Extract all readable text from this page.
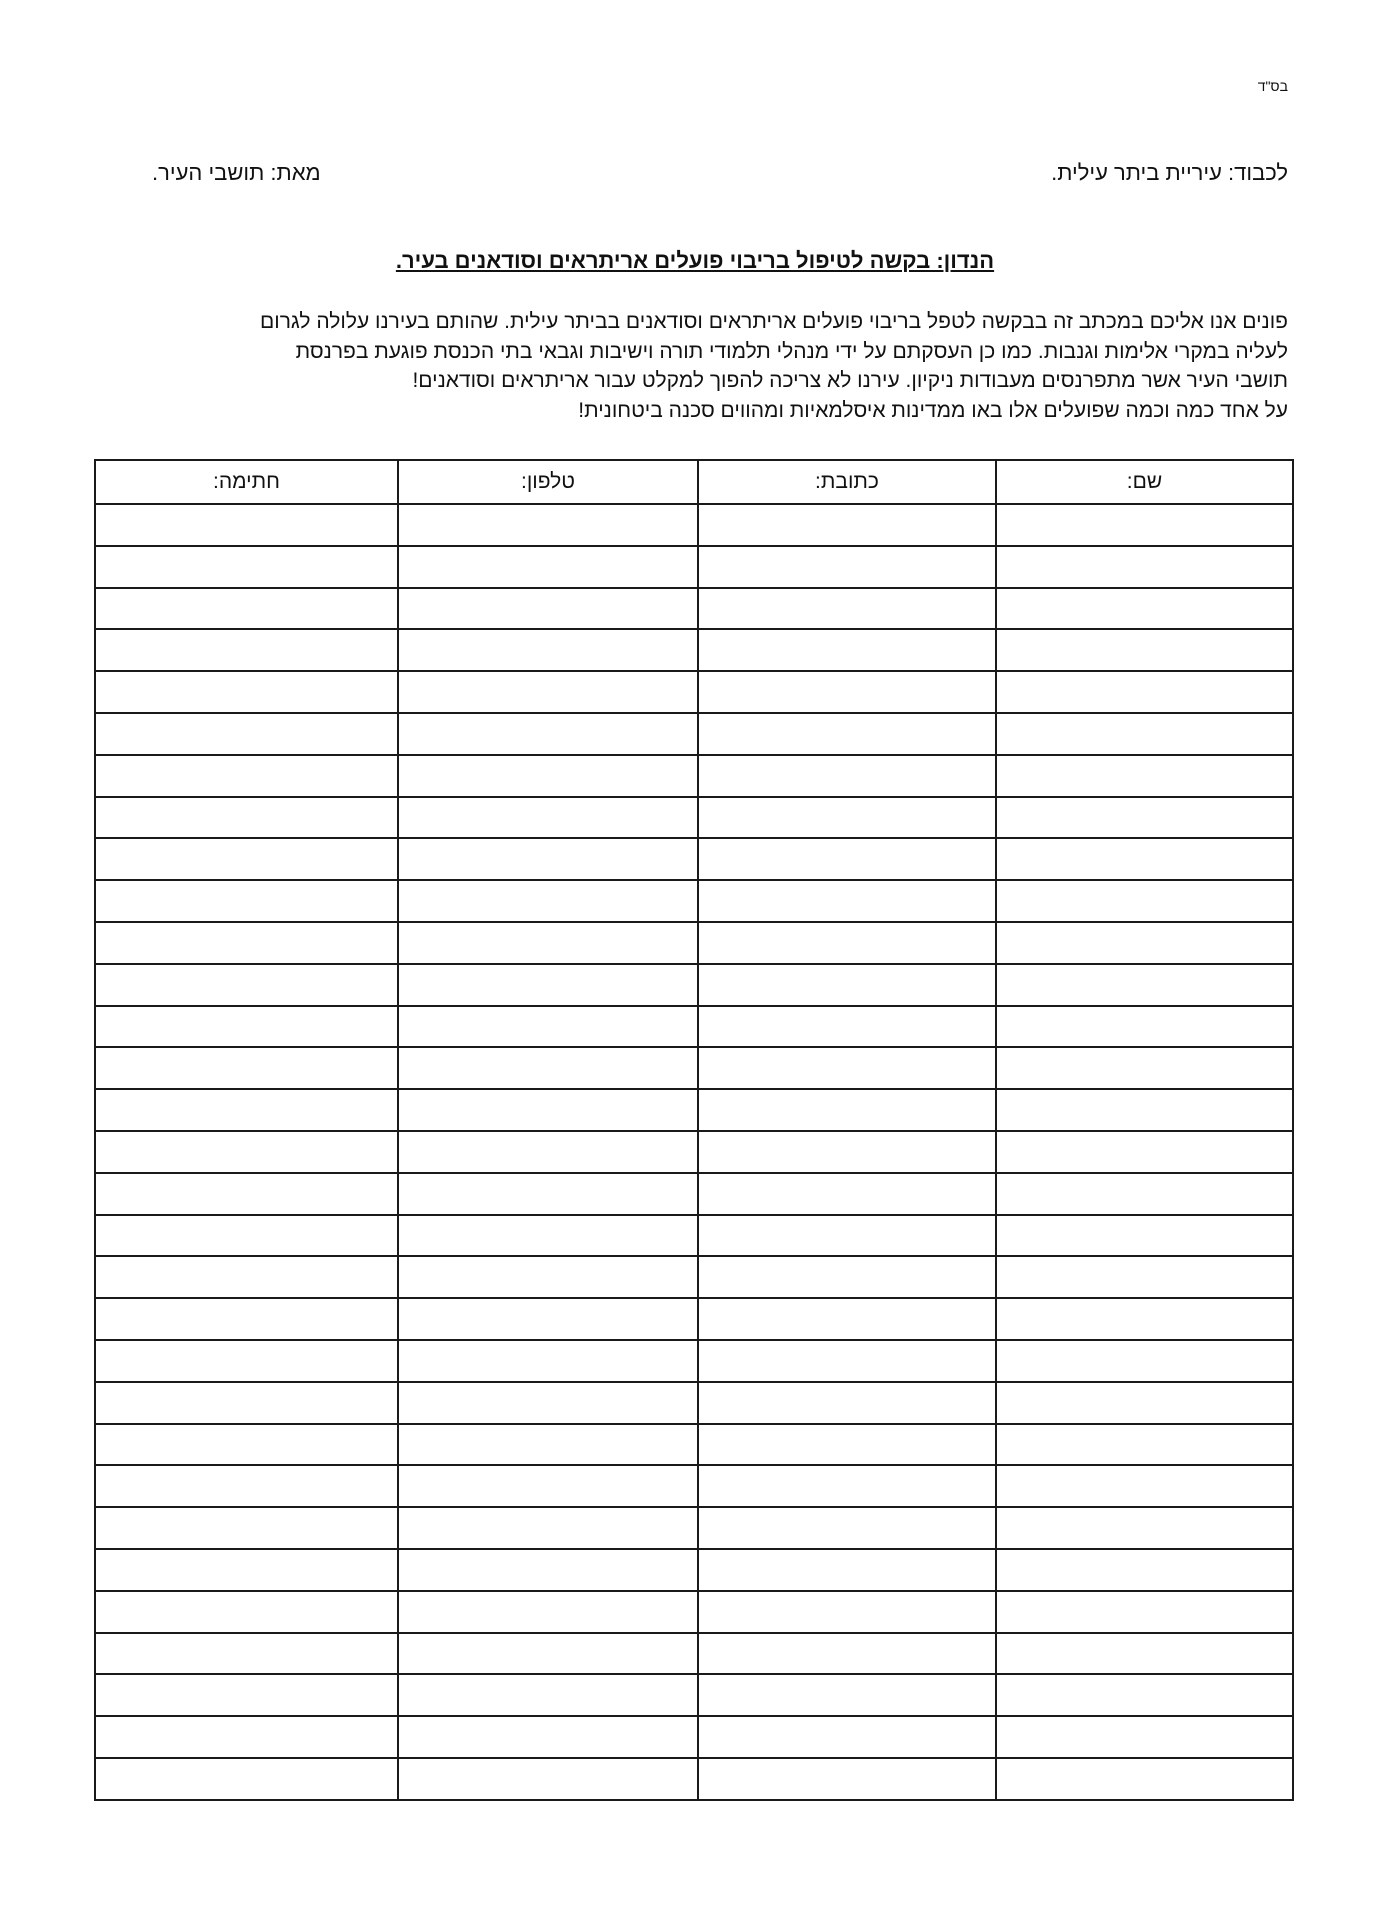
בס"ד
לכבוד: עיריית ביתר עילית.
מאת: תושבי העיר.
הנדון: בקשה לטיפול בריבוי פועלים אריתראים וסודאנים בעיר.
פונים אנו אליכם במכתב זה בבקשה לטפל בריבוי פועלים אריתראים וסודאנים בביתר עילית. שהותם בעירנו עלולה לגרום
לעליה במקרי אלימות וגנבות. כמו כן העסקתם על ידי מנהלי תלמודי תורה וישיבות וגבאי בתי הכנסת פוגעת בפרנסת
תושבי העיר אשר מתפרנסים מעבודות ניקיון. עירנו לא צריכה להפוך למקלט עבור אריתראים וסודאנים!
על אחד כמה וכמה שפועלים אלו באו ממדינות איסלמאיות ומהווים סכנה ביטחונית!
שם:	כתובת:	טלפון:	חתימה:
